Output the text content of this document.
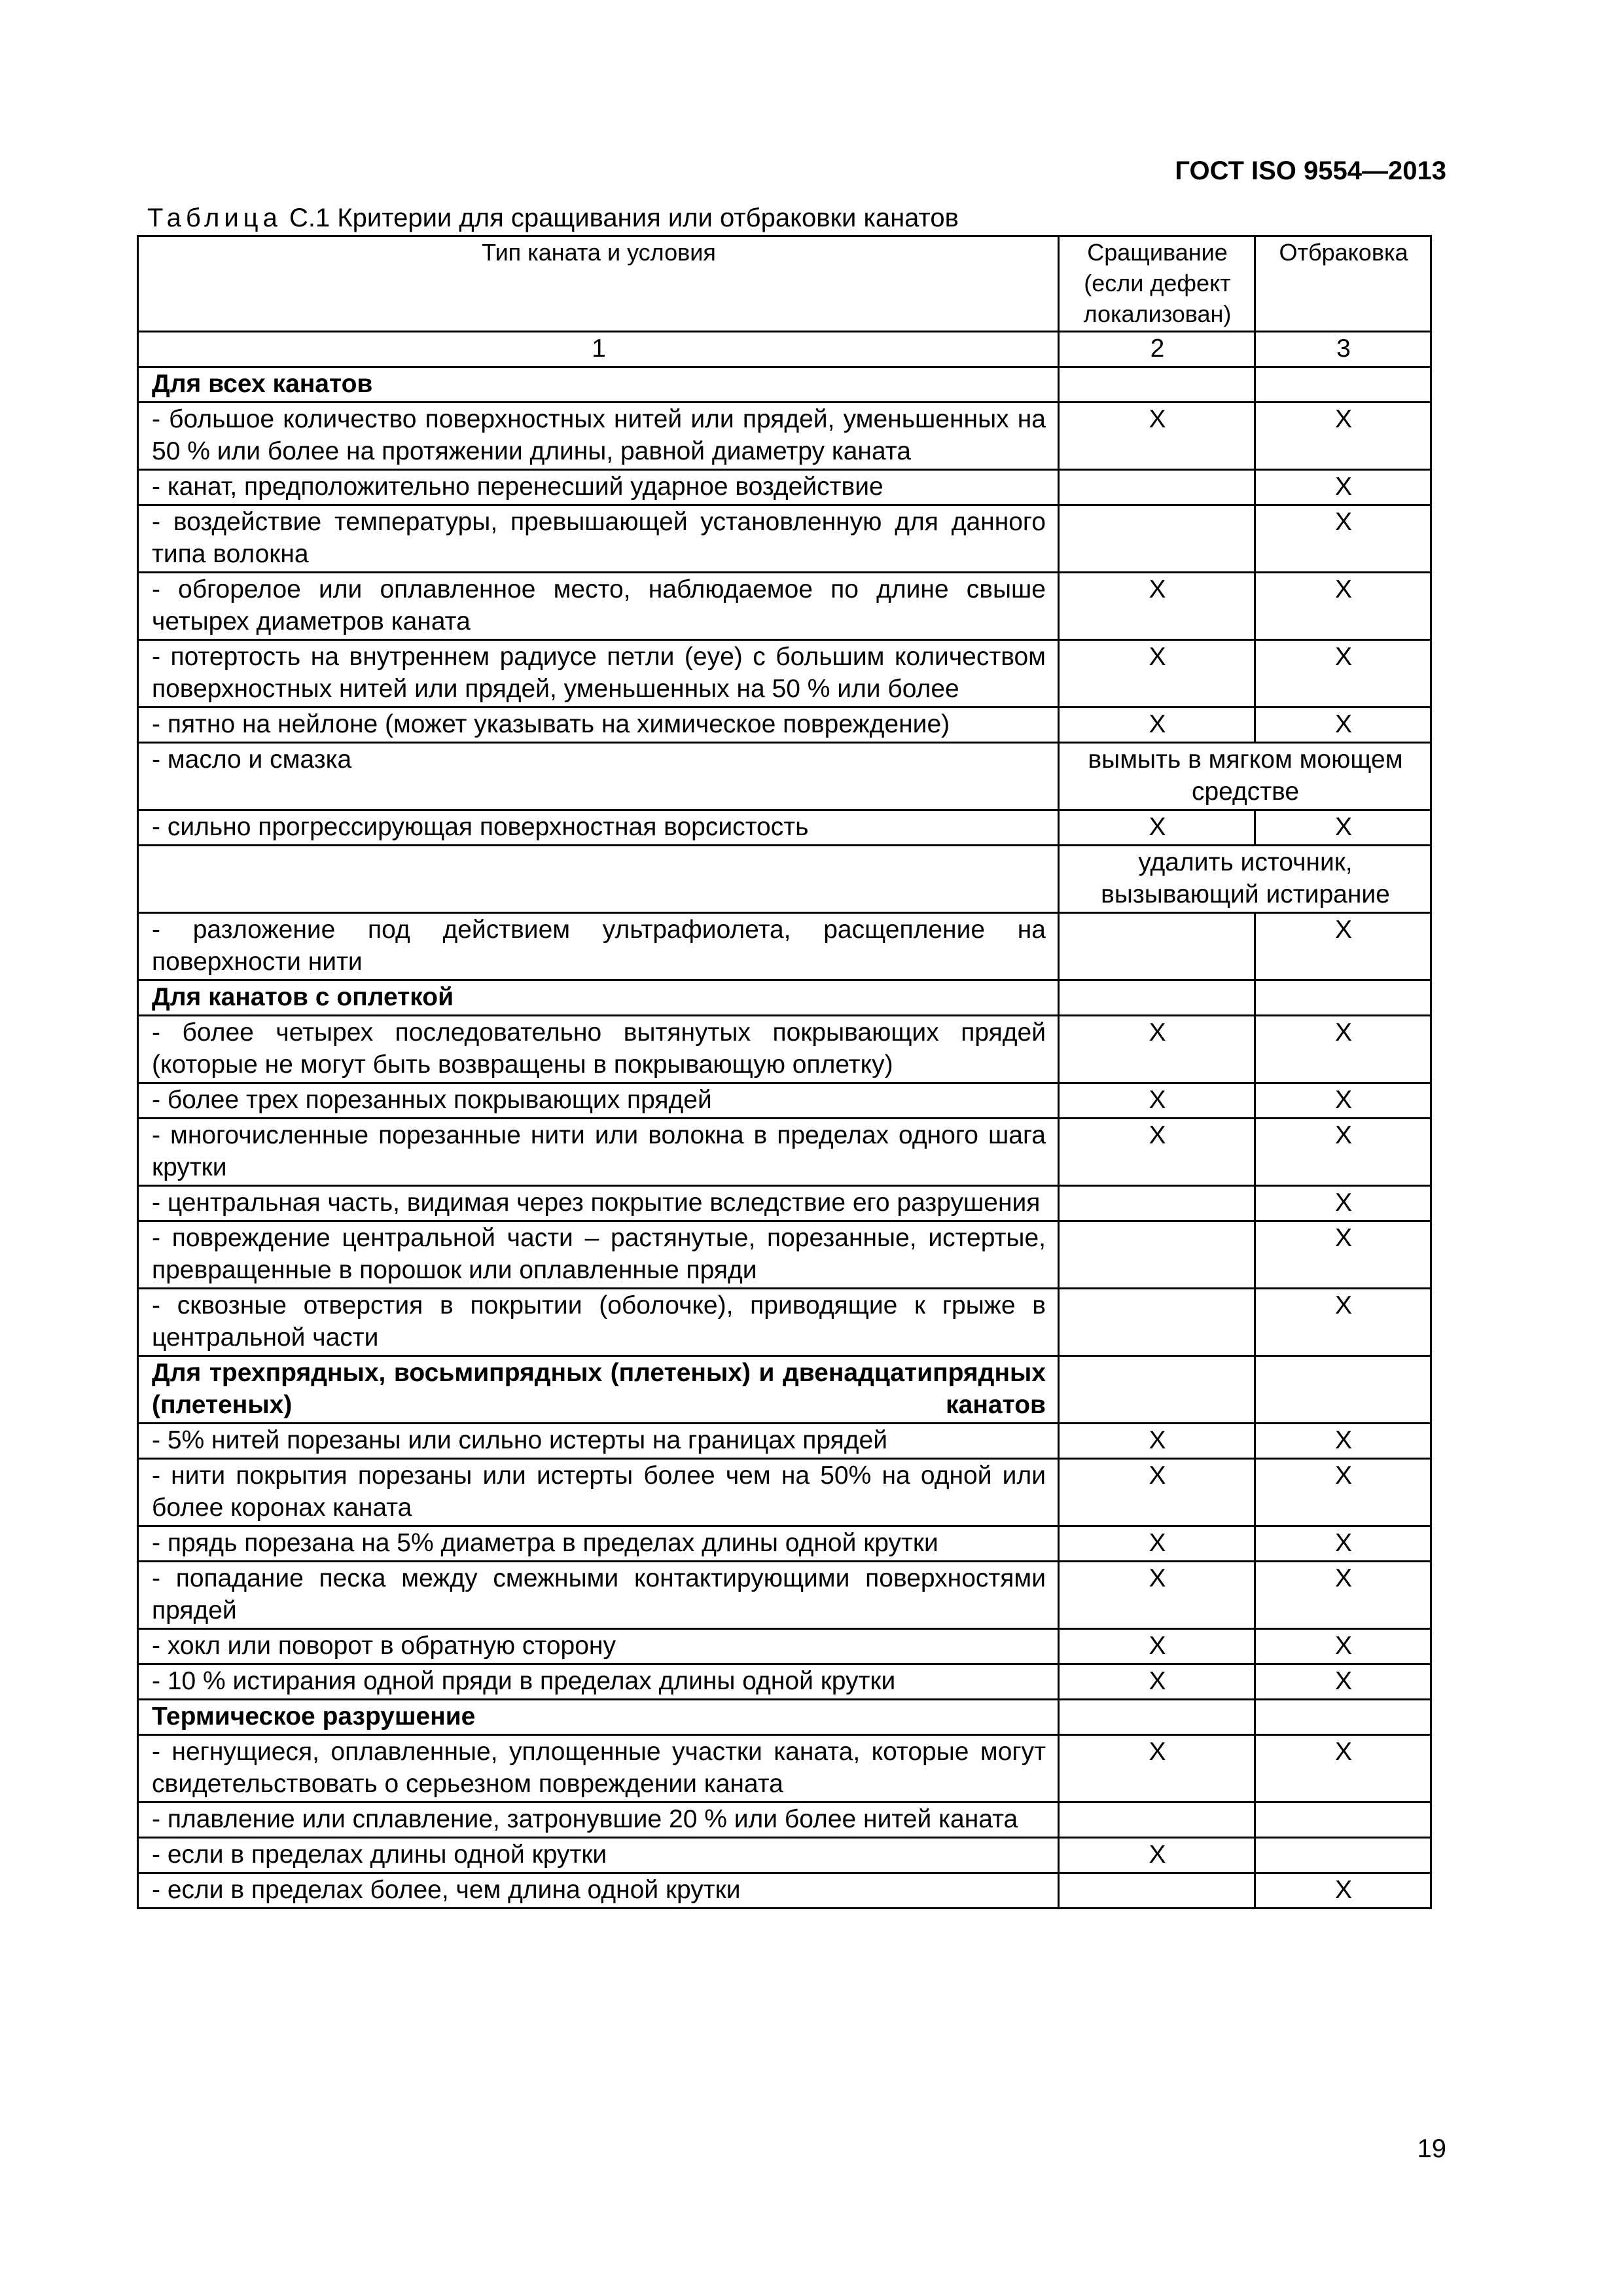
ГОСТ ISO 9554—2013
Таблица С.1 Критерии для сращивания или отбраковки канатов
Тип каната и условия	Сращивание (если дефект локализован)	Отбраковка
1	2	3
Для всех канатов		
- большое количество поверхностных нитей или прядей, уменьшенных на 50 % или более на протяжении длины, равной диаметру каната	X	X
- канат, предположительно перенесший ударное воздействие		X
- воздействие температуры, превышающей установленную для данного типа волокна		X
- обгорелое или оплавленное место, наблюдаемое по длине свыше четырех диаметров каната	X	X
- потертость на внутреннем радиусе петли (eye) с большим количеством поверхностных нитей или прядей, уменьшенных на 50 % или более	X	X
- пятно на нейлоне (может указывать на химическое повреждение)	X	X
- масло и смазка	вымыть в мягком моющем средстве	
- сильно прогрессирующая поверхностная ворсистость	X	X
	удалить источник, вызывающий истирание	
- разложение под действием ультрафиолета, расщепление на поверхности нити		X
Для канатов с оплеткой		
- более четырех последовательно вытянутых покрывающих прядей (которые не могут быть возвращены в покрывающую оплетку)	X	X
- более трех порезанных покрывающих прядей	X	X
- многочисленные порезанные нити или волокна в пределах одного шага крутки	X	X
- центральная часть, видимая через покрытие вследствие его разрушения		X
- повреждение центральной части – растянутые, порезанные, истертые, превращенные в порошок или оплавленные пряди		X
- сквозные отверстия в покрытии (оболочке), приводящие к грыже в центральной части		X
Для трехпрядных, восьмипрядных (плетеных) и двенадцатипрядных (плетеных) канатов		
- 5% нитей порезаны или сильно истерты на границах прядей	X	X
- нити покрытия порезаны или истерты более чем на 50% на одной или более коронах каната	X	X
- прядь порезана на 5% диаметра в пределах длины одной крутки	X	X
- попадание песка между смежными контактирующими поверхностями прядей	X	X
- хокл или поворот в обратную сторону	X	X
- 10 % истирания одной пряди в пределах длины одной крутки	X	X
Термическое разрушение		
- негнущиеся, оплавленные, уплощенные участки каната, которые могут свидетельствовать о серьезном повреждении каната	X	X
- плавление или сплавление, затронувшие 20 % или более нитей каната		
- если в пределах длины одной крутки	X	
- если в пределах более, чем длина одной крутки		X
19
